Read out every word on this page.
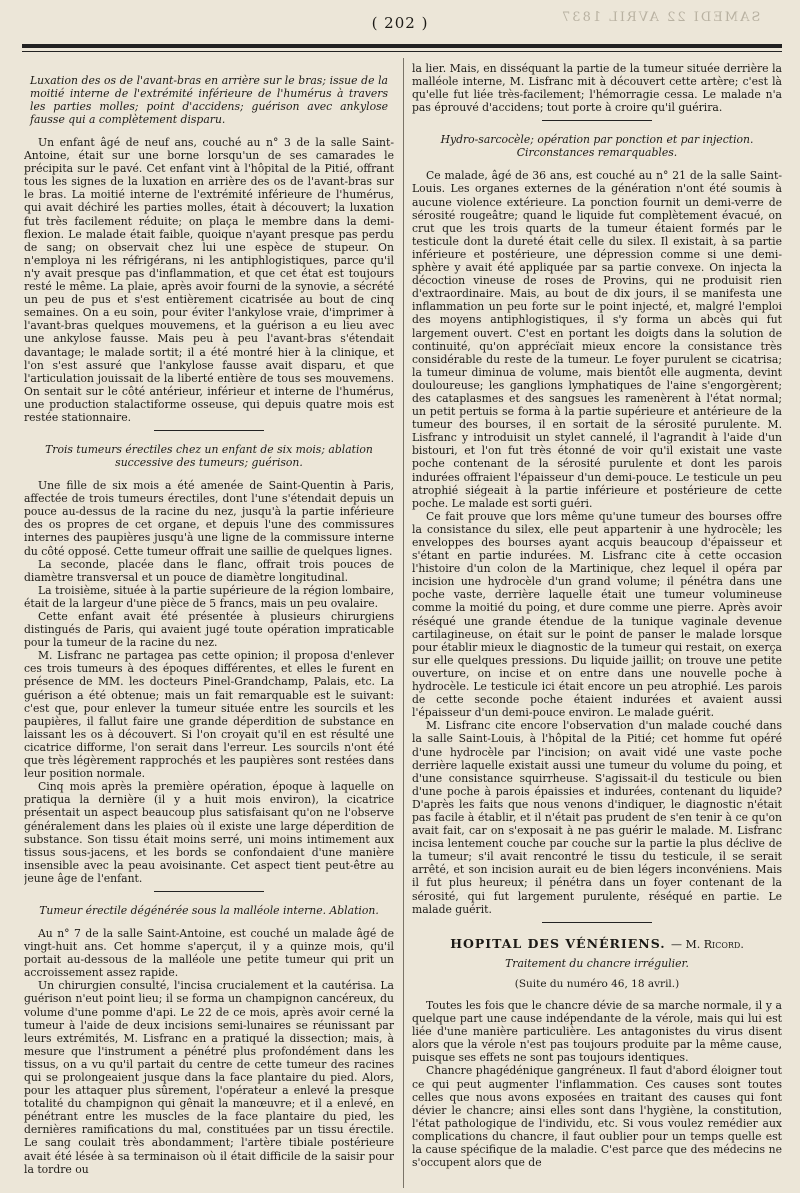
( 202 )	SAMEDI 22 AVRIL 1837
Luxation des os de l'avant-bras en arrière sur le bras; issue de la moitié interne de l'extrémité inférieure de l'humérus à travers les parties molles; point d'accidens; guérison avec ankylose fausse qui a complètement disparu.

Un enfant âgé de neuf ans, couché au n° 3 de la salle Saint-Antoine, était sur une borne lorsqu'un de ses camarades le précipita sur le pavé. Cet enfant vint à l'hôpital de la Pitié, offrant tous les signes de la luxation en arrière des os de l'avant-bras sur le bras. La moitié interne de l'extrémité inférieure de l'humérus, qui avait déchiré les parties molles, était à découvert; la luxation fut très facilement réduite; on plaça le membre dans la demi-flexion. Le malade était faible, quoique n'ayant presque pas perdu de sang; on observait chez lui une espèce de stupeur. On n'employa ni les réfrigérans, ni les antiphlogistiques, parce qu'il n'y avait presque pas d'inflammation, et que cet état est toujours resté le même. La plaie, après avoir fourni de la synovie, a sécrété un peu de pus et s'est entièrement cicatrisée au bout de cinq semaines. On a eu soin, pour éviter l'ankylose vraie, d'imprimer à l'avant-bras quelques mouvemens, et la guérison a eu lieu avec une ankylose fausse. Mais peu à peu l'avant-bras s'étendait davantage; le malade sortit; il a été montré hier à la clinique, et l'on s'est assuré que l'ankylose fausse avait disparu, et que l'articulation jouissait de la liberté entière de tous ses mouvemens. On sentait sur le côté antérieur, inférieur et interne de l'humérus, une production stalactiforme osseuse, qui depuis quatre mois est restée stationnaire.

Trois tumeurs érectiles chez un enfant de six mois; ablation successive des tumeurs; guérison.

Une fille de six mois a été amenée de Saint-Quentin à Paris, affectée de trois tumeurs érectiles, dont l'une s'étendait depuis un pouce au-dessus de la racine du nez, jusqu'à la partie inférieure des os propres de cet organe, et depuis l'une des commissures internes des paupières jusqu'à une ligne de la commissure interne du côté opposé. Cette tumeur offrait une saillie de quelques lignes.

La seconde, placée dans le flanc, offrait trois pouces de diamètre transversal et un pouce de diamètre longitudinal.

La troisième, située à la partie supérieure de la région lombaire, était de la largeur d'une pièce de 5 francs, mais un peu ovalaire.

Cette enfant avait été présentée à plusieurs chirurgiens distingués de Paris, qui avaient jugé toute opération impraticable pour la tumeur de la racine du nez.

M. Lisfranc ne partagea pas cette opinion; il proposa d'enlever ces trois tumeurs à des époques différentes, et elles le furent en présence de MM. les docteurs Pinel-Grandchamp, Palais, etc. La guérison a été obtenue; mais un fait remarquable est le suivant: c'est que, pour enlever la tumeur située entre les sourcils et les paupières, il fallut faire une grande déperdition de substance en laissant les os à découvert. Si l'on croyait qu'il en est résulté une cicatrice difforme, l'on serait dans l'erreur. Les sourcils n'ont été que très légèrement rapprochés et les paupières sont restées dans leur position normale.

Cinq mois après la première opération, époque à laquelle on pratiqua la dernière (il y a huit mois environ), la cicatrice présentait un aspect beaucoup plus satisfaisant qu'on ne l'observe généralement dans les plaies où il existe une large déperdition de substance. Son tissu était moins serré, uni moins intimement aux tissus sous-jacens, et les bords se confondaient d'une manière insensible avec la peau avoisinante. Cet aspect tient peut-être au jeune âge de l'enfant.

Tumeur érectile dégénérée sous la malléole interne. Ablation.

Au n° 7 de la salle Saint-Antoine, est couché un malade âgé de vingt-huit ans. Cet homme s'aperçut, il y a quinze mois, qu'il portait au-dessous de la malléole une petite tumeur qui prit un accroissement assez rapide.

Un chirurgien consulté, l'incisa crucialement et la cautérisa. La guérison n'eut point lieu; il se forma un champignon cancéreux, du volume d'une pomme d'api. Le 22 de ce mois, après avoir cerné la tumeur à l'aide de deux incisions semi-lunaires se réunissant par leurs extrémités, M. Lisfranc en a pratiqué la dissection; mais, à mesure que l'instrument a pénétré plus profondément dans les tissus, on a vu qu'il partait du centre de cette tumeur des racines qui se prolongeaient jusque dans la face plantaire du pied. Alors, pour les attaquer plus sûrement, l'opérateur a enlevé la presque totalité du champignon qui gênait la manœuvre; et il a enlevé, en pénétrant entre les muscles de la face plantaire du pied, les dernières ramifications du mal, constituées par un tissu érectile. Le sang coulait très abondamment; l'artère tibiale postérieure avait été lésée à sa terminaison où il était difficile de la saisir pour la tordre ou

la lier. Mais, en disséquant la partie de la tumeur située derrière la malléole interne, M. Lisfranc mit à découvert cette artère; c'est là qu'elle fut liée très-facilement; l'hémorragie cessa. Le malade n'a pas éprouvé d'accidens; tout porte à croire qu'il guérira.

Hydro-sarcocèle; opération par ponction et par injection. Circonstances remarquables.

Ce malade, âgé de 36 ans, est couché au n° 21 de la salle Saint-Louis. Les organes externes de la génération n'ont été soumis à aucune violence extérieure. La ponction fournit un demi-verre de sérosité rougeâtre; quand le liquide fut complètement évacué, on crut que les trois quarts de la tumeur étaient formés par le testicule dont la dureté était celle du silex. Il existait, à sa partie inférieure et postérieure, une dépression comme si une demi-sphère y avait été appliquée par sa partie convexe. On injecta la décoction vineuse de roses de Provins, qui ne produisit rien d'extraordinaire. Mais, au bout de dix jours, il se manifesta une inflammation un peu forte sur le point injecté, et, malgré l'emploi des moyens antiphlogistiques, il s'y forma un abcès qui fut largement ouvert. C'est en portant les doigts dans la solution de continuité, qu'on apprécïait mieux encore la consistance très considérable du reste de la tumeur. Le foyer purulent se cicatrisa; la tumeur diminua de volume, mais bientôt elle augmenta, devint douloureuse; les ganglions lymphatiques de l'aine s'engorgèrent; des cataplasmes et des sangsues les ramenèrent à l'état normal; un petit pertuis se forma à la partie supérieure et antérieure de la tumeur des bourses, il en sortait de la sérosité purulente. M. Lisfranc y introduisit un stylet cannelé, il l'agrandit à l'aide d'un bistouri, et l'on fut très étonné de voir qu'il existait une vaste poche contenant de la sérosité purulente et dont les parois indurées offraient l'épaisseur d'un demi-pouce. Le testicule un peu atrophié siégeait à la partie inférieure et postérieure de cette poche. Le malade est sorti guéri.

Ce fait prouve que lors même qu'une tumeur des bourses offre la consistance du silex, elle peut appartenir à une hydrocèle; les enveloppes des bourses ayant acquis beaucoup d'épaisseur et s'étant en partie indurées. M. Lisfranc cite à cette occasion l'histoire d'un colon de la Martinique, chez lequel il opéra par incision une hydrocèle d'un grand volume; il pénétra dans une poche vaste, derrière laquelle était une tumeur volumineuse comme la moitié du poing, et dure comme une pierre. Après avoir réséqué une grande étendue de la tunique vaginale devenue cartilagineuse, on était sur le point de panser le malade lorsque pour établir mieux le diagnostic de la tumeur qui restait, on exerça sur elle quelques pressions. Du liquide jaillit; on trouve une petite ouverture, on incise et on entre dans une nouvelle poche à hydrocèle. Le testicule ici était encore un peu atrophié. Les parois de cette seconde poche étaient indurées et avaient aussi l'épaisseur d'un demi-pouce environ. Le malade guérit.

M. Lisfranc cite encore l'observation d'un malade couché dans la salle Saint-Louis, à l'hôpital de la Pitié; cet homme fut opéré d'une hydrocèle par l'incision; on avait vidé une vaste poche derrière laquelle existait aussi une tumeur du volume du poing, et d'une consistance squirrheuse. S'agissait-il du testicule ou bien d'une poche à parois épaissies et indurées, contenant du liquide? D'après les faits que nous venons d'indiquer, le diagnostic n'était pas facile à établir, et il n'était pas prudent de s'en tenir à ce qu'on avait fait, car on s'exposait à ne pas guérir le malade. M. Lisfranc incisa lentement couche par couche sur la partie la plus déclive de la tumeur; s'il avait rencontré le tissu du testicule, il se serait arrêté, et son incision aurait eu de bien légers inconvéniens. Mais il fut plus heureux; il pénétra dans un foyer contenant de la sérosité, qui fut largement purulente, réséqué en partie. Le malade guérit.

HOPITAL DES VÉNÉRIENS. — M. Ricord.
Traitement du chancre irrégulier.
(Suite du numéro 46, 18 avril.)

Toutes les fois que le chancre dévie de sa marche normale, il y a quelque part une cause indépendante de la vérole, mais qui lui est liée d'une manière particulière. Les antagonistes du virus disent alors que la vérole n'est pas toujours produite par la même cause, puisque ses effets ne sont pas toujours identiques.

Chancre phagédénique gangréneux. Il faut d'abord éloigner tout ce qui peut augmenter l'inflammation. Ces causes sont toutes celles que nous avons exposées en traitant des causes qui font dévier le chancre; ainsi elles sont dans l'hygiène, la constitution, l'état pathologique de l'individu, etc. Si vous voulez remédier aux complications du chancre, il faut oublier pour un temps quelle est la cause spécifique de la maladie. C'est parce que des médecins ne s'occupent alors que de
